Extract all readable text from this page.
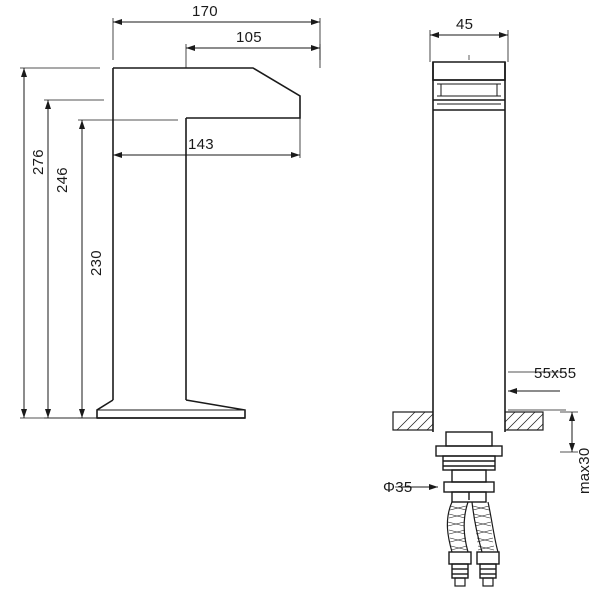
170
105
143
276
246
230
45
55x55
Φ35	max30
